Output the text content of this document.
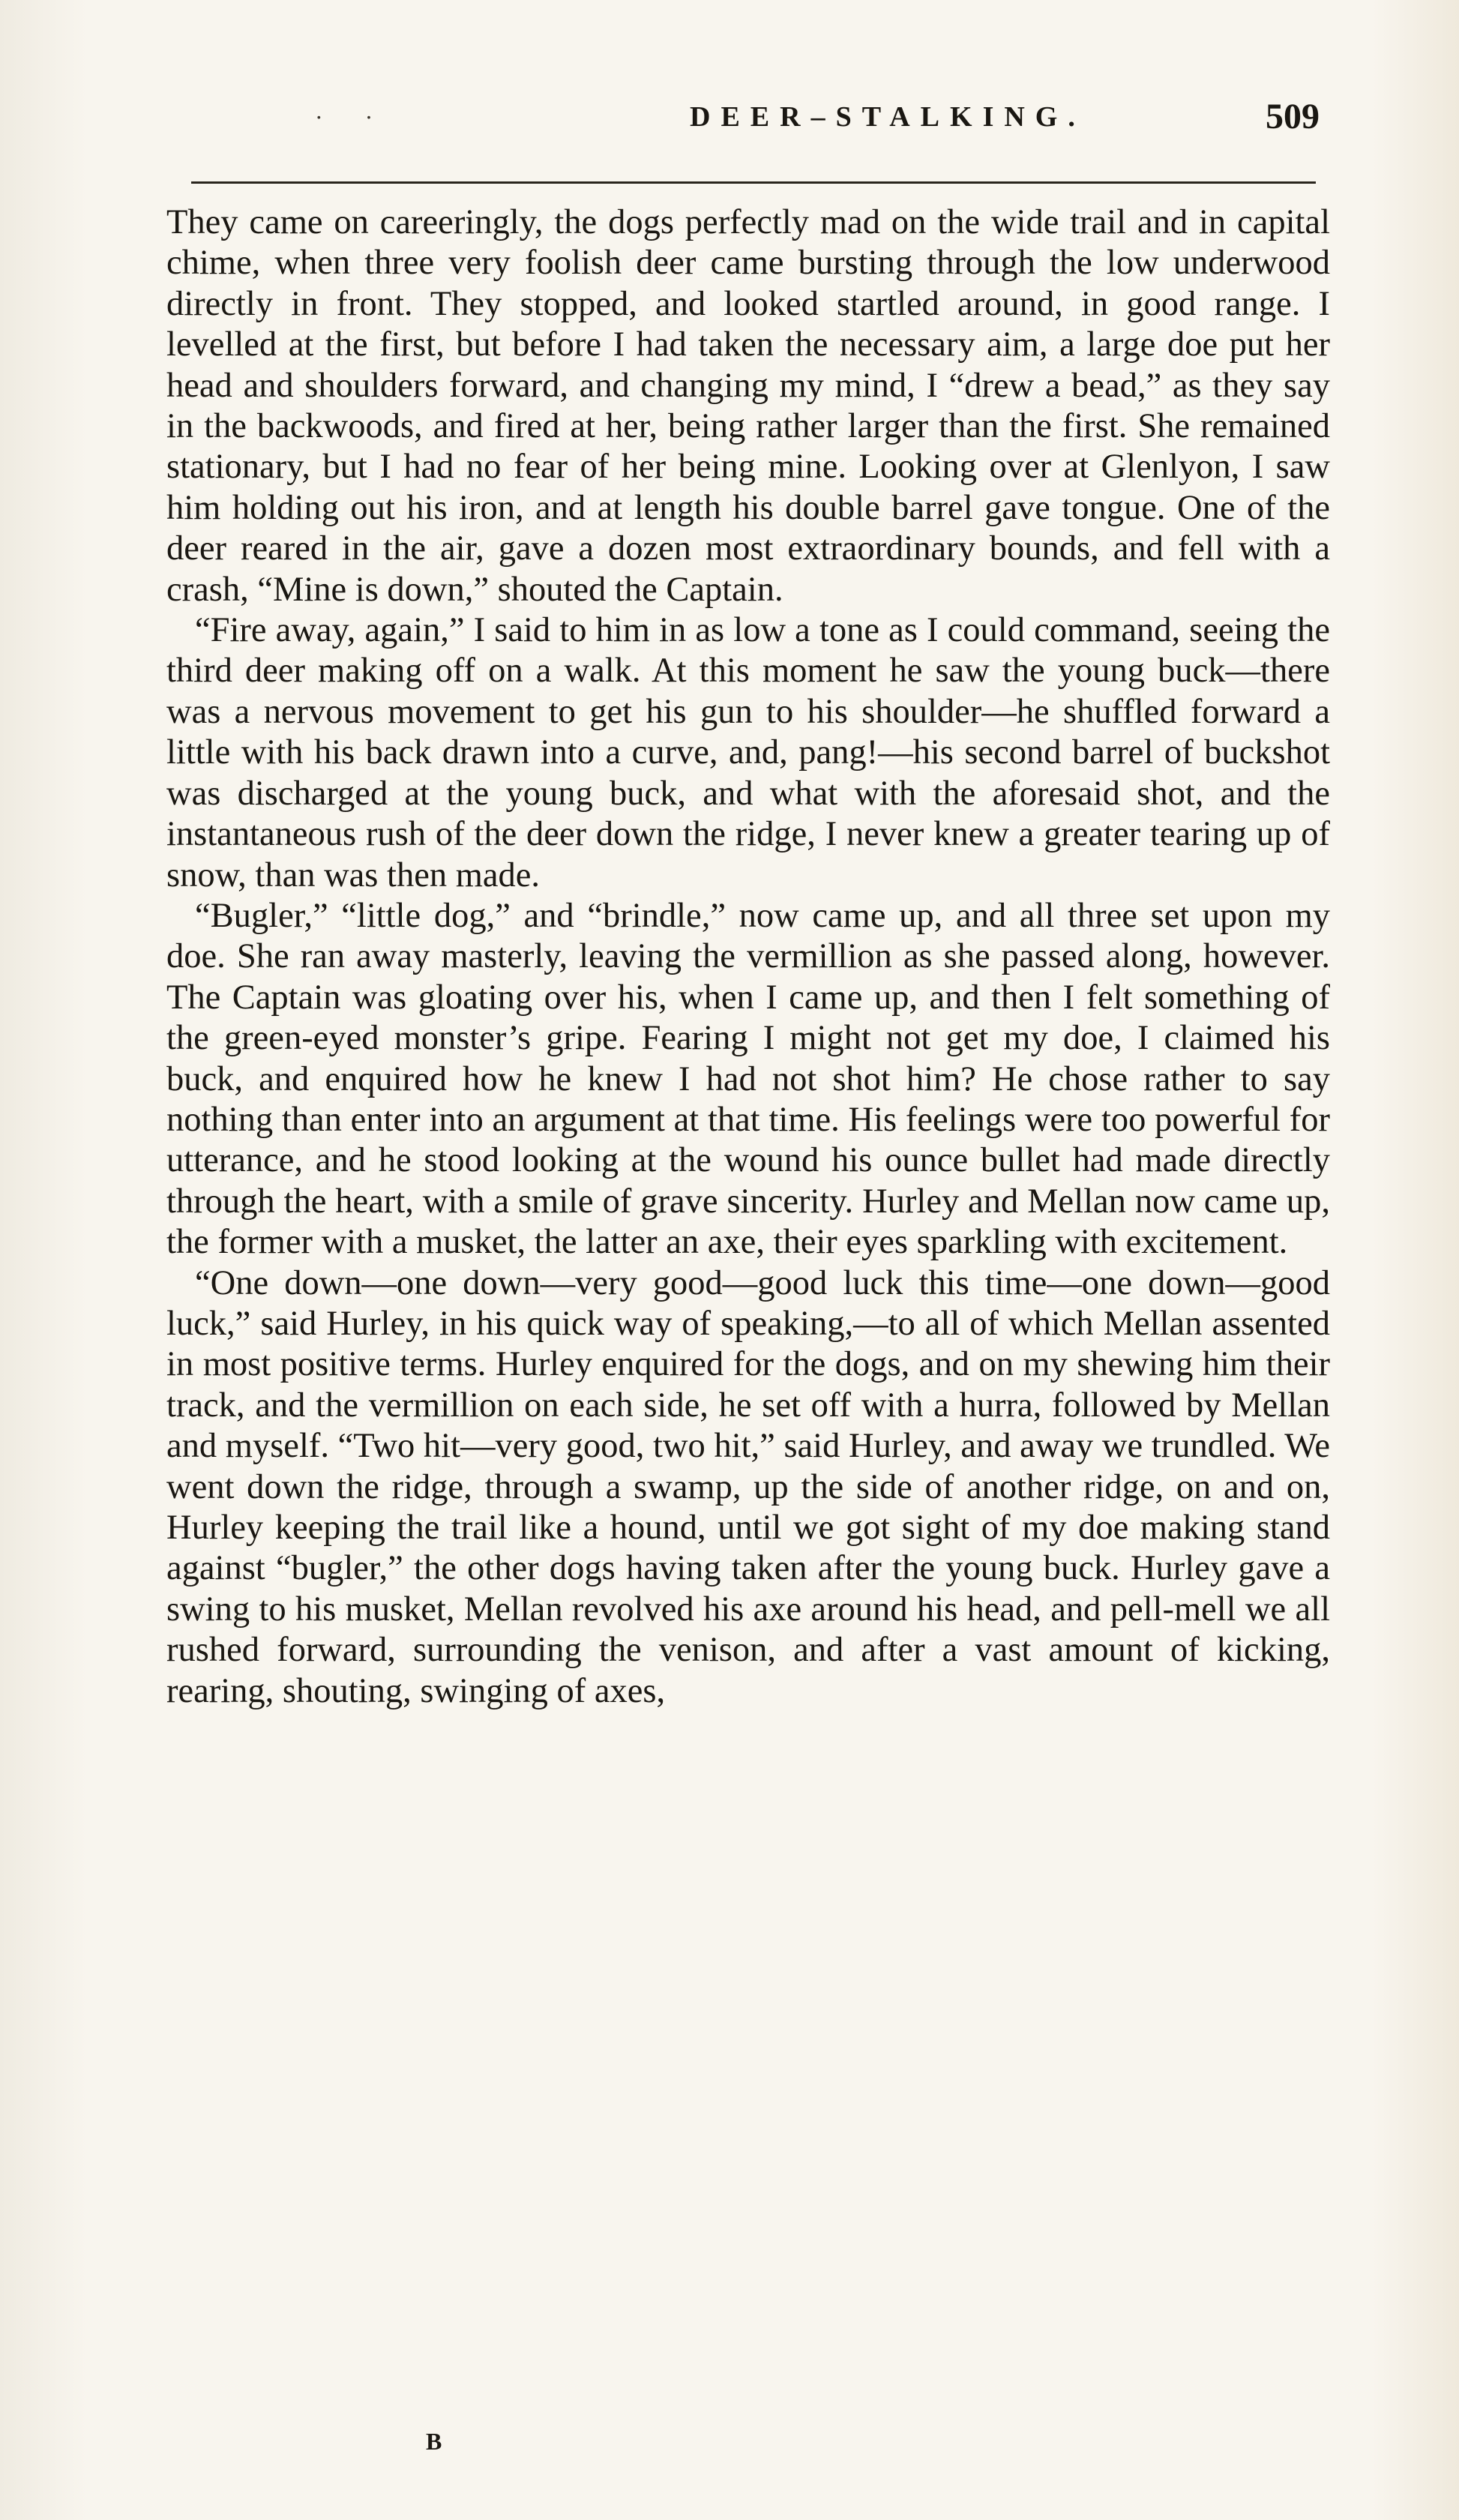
· ·	DEER–STALKING.	509

They came on careeringly, the dogs perfectly mad on the wide trail and in capital chime, when three very foolish deer came bursting through the low underwood directly in front. They stopped, and looked startled around, in good range. I levelled at the first, but before I had taken the necessary aim, a large doe put her head and shoulders forward, and changing my mind, I “drew a bead,” as they say in the backwoods, and fired at her, being rather larger than the first. She remained stationary, but I had no fear of her being mine. Looking over at Glenlyon, I saw him holding out his iron, and at length his double barrel gave tongue. One of the deer reared in the air, gave a dozen most extraordinary bounds, and fell with a crash, “Mine is down,” shouted the Captain.

“Fire away, again,” I said to him in as low a tone as I could command, seeing the third deer making off on a walk. At this moment he saw the young buck—there was a nervous movement to get his gun to his shoulder—he shuffled forward a little with his back drawn into a curve, and, pang!—his second barrel of buckshot was discharged at the young buck, and what with the aforesaid shot, and the instantaneous rush of the deer down the ridge, I never knew a greater tearing up of snow, than was then made.

“Bugler,” “little dog,” and “brindle,” now came up, and all three set upon my doe. She ran away masterly, leaving the vermillion as she passed along, however. The Captain was gloating over his, when I came up, and then I felt something of the green-eyed monster’s gripe. Fearing I might not get my doe, I claimed his buck, and enquired how he knew I had not shot him? He chose rather to say nothing than enter into an argument at that time. His feelings were too powerful for utterance, and he stood looking at the wound his ounce bullet had made directly through the heart, with a smile of grave sincerity. Hurley and Mellan now came up, the former with a musket, the latter an axe, their eyes sparkling with excitement.

“One down—one down—very good—good luck this time—one down—good luck,” said Hurley, in his quick way of speaking,—to all of which Mellan assented in most positive terms. Hurley enquired for the dogs, and on my shewing him their track, and the vermillion on each side, he set off with a hurra, followed by Mellan and myself. “Two hit—very good, two hit,” said Hurley, and away we trundled. We went down the ridge, through a swamp, up the side of another ridge, on and on, Hurley keeping the trail like a hound, until we got sight of my doe making stand against “bugler,” the other dogs having taken after the young buck. Hurley gave a swing to his musket, Mellan revolved his axe around his head, and pell-mell we all rushed forward, surrounding the venison, and after a vast amount of kicking, rearing, shouting, swinging of axes,

B
